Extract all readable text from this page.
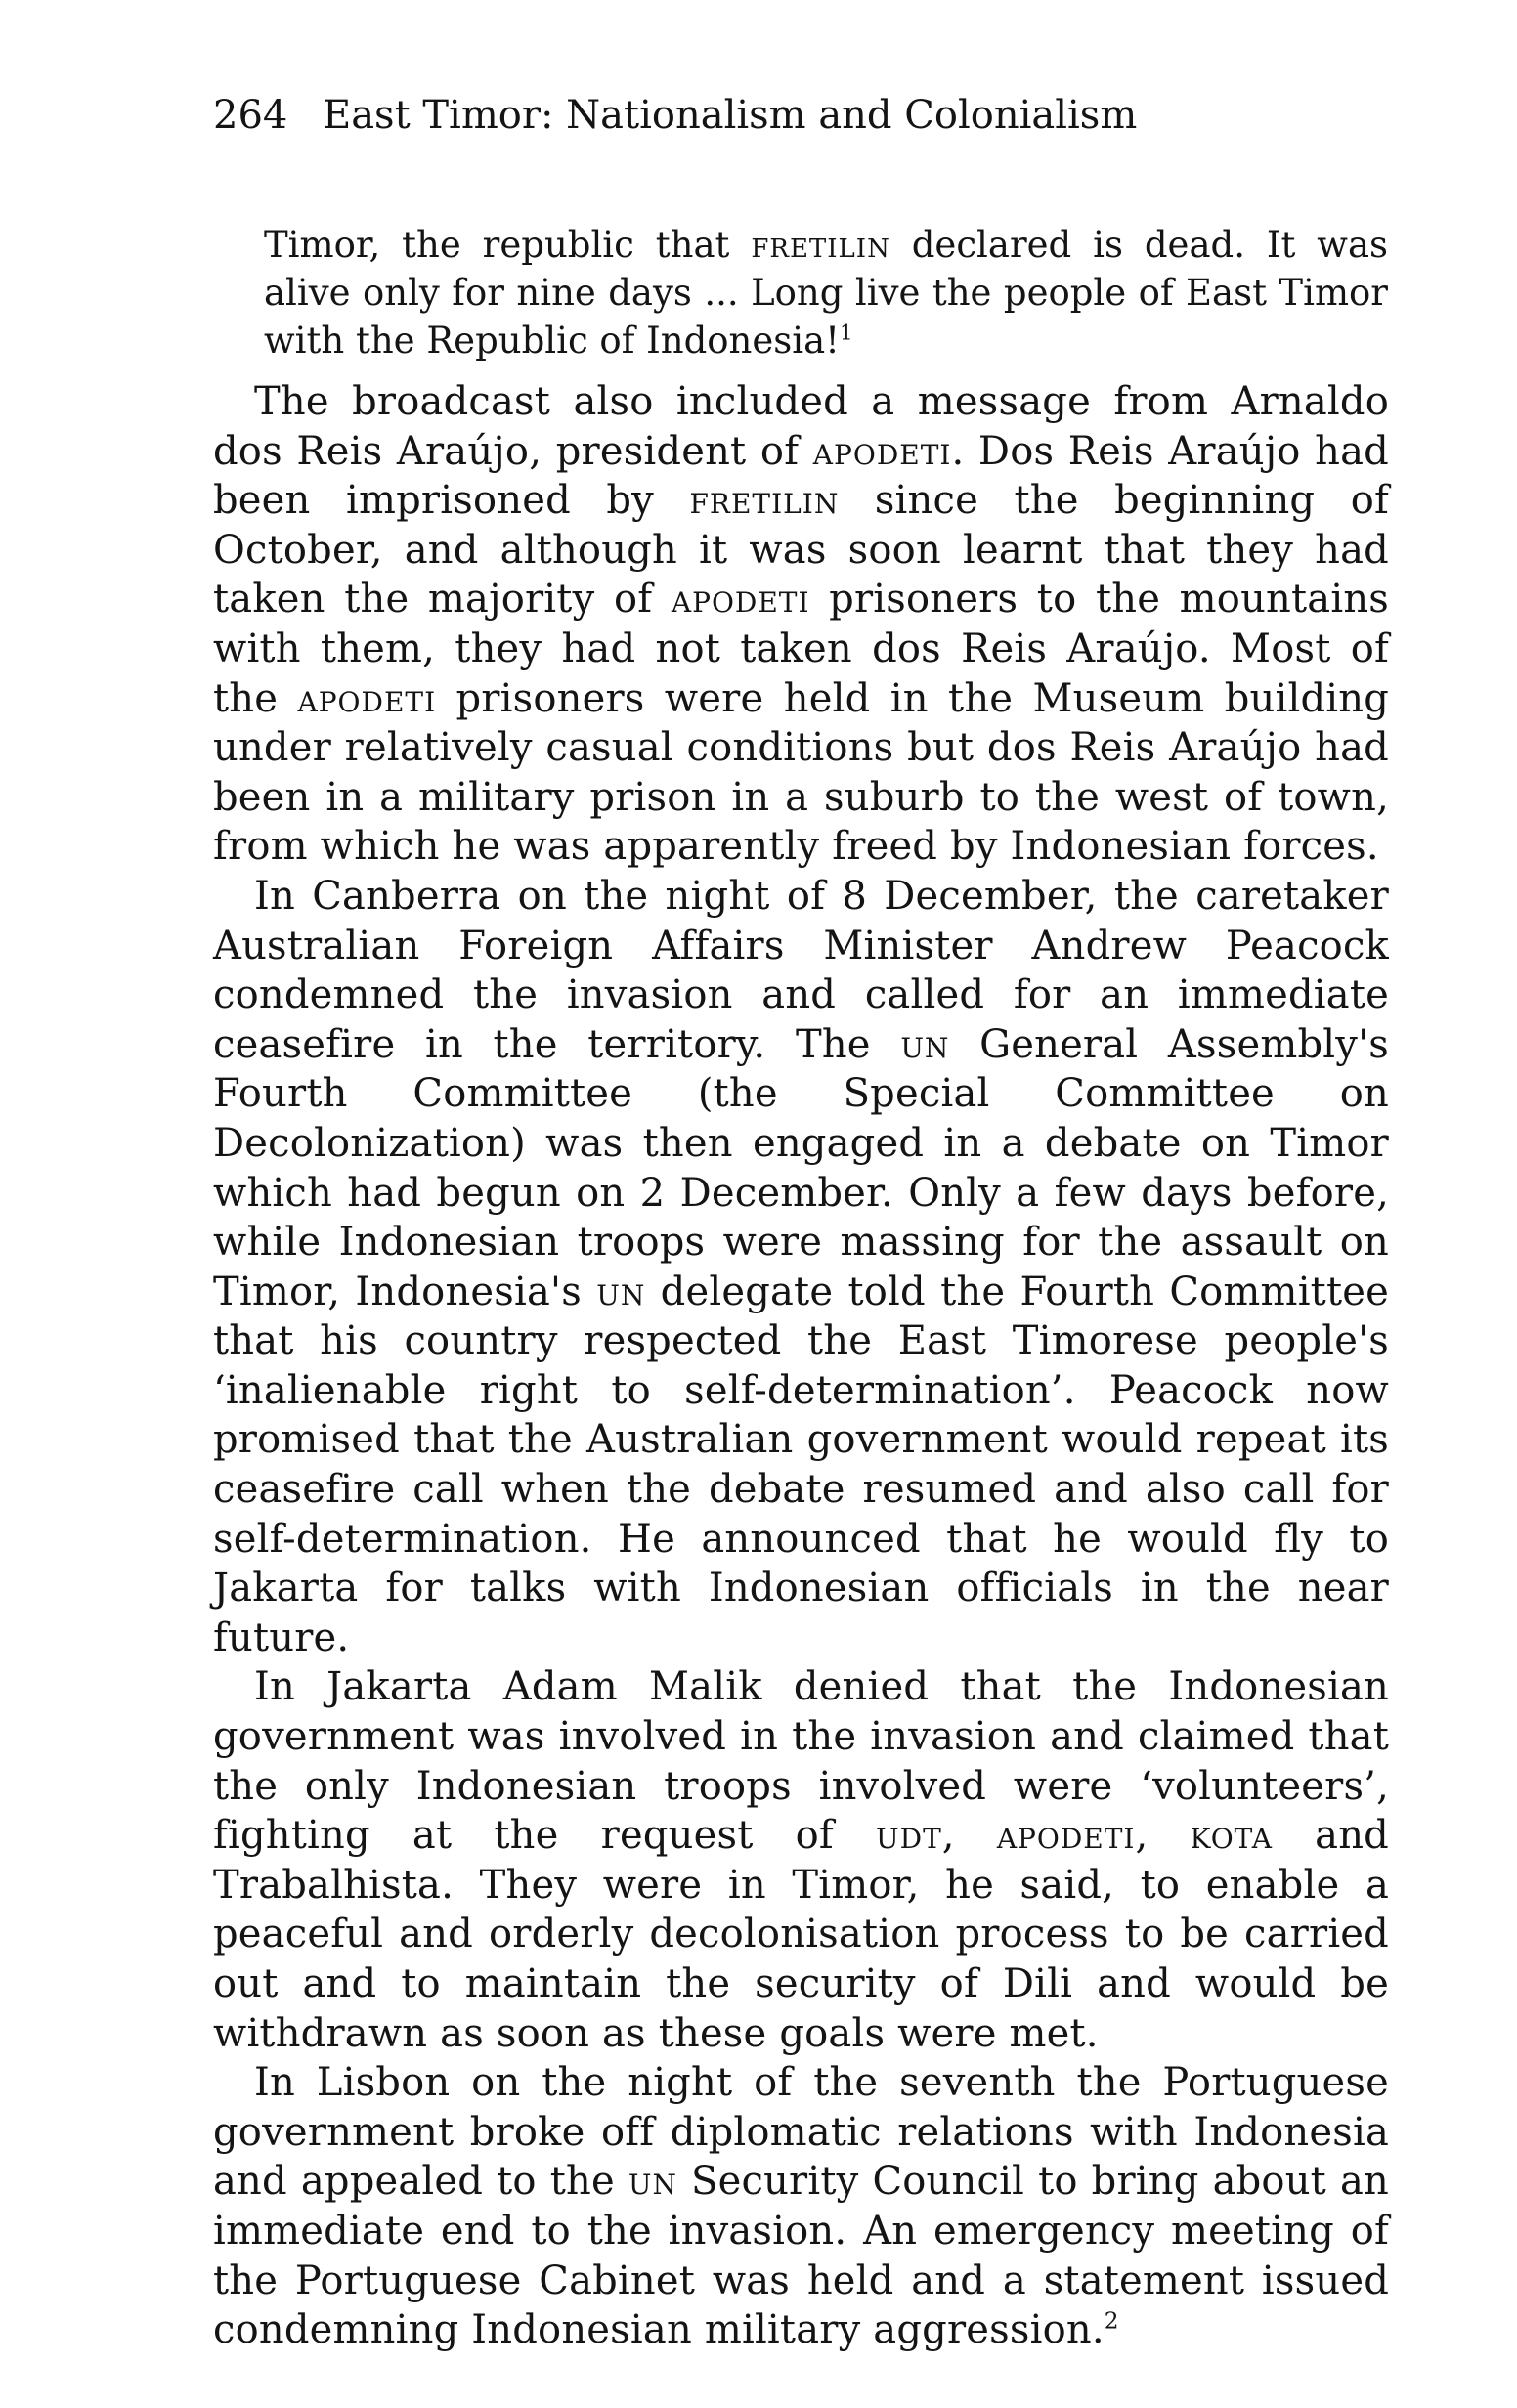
264 East Timor: Nationalism and Colonialism
Timor, the republic that fretilin declared is dead. It was alive only for nine days ... Long live the people of East Timor with the Republic of Indonesia!$^1$

The broadcast also included a message from Arnaldo dos Reis Araújo, president of apodeti. Dos Reis Araújo had been imprisoned by fretilin since the beginning of October, and although it was soon learnt that they had taken the majority of apodeti prisoners to the mountains with them, they had not taken dos Reis Araújo. Most of the apodeti prisoners were held in the Museum building under relatively casual conditions but dos Reis Araújo had been in a military prison in a suburb to the west of town, from which he was apparently freed by Indonesian forces.

In Canberra on the night of 8 December, the caretaker Australian Foreign Affairs Minister Andrew Peacock condemned the invasion and called for an immediate ceasefire in the territory. The un General Assembly's Fourth Committee (the Special Committee on Decolonization) was then engaged in a debate on Timor which had begun on 2 December. Only a few days before, while Indonesian troops were massing for the assault on Timor, Indonesia's un delegate told the Fourth Committee that his country respected the East Timorese people's ‘inalienable right to self-determination’. Peacock now promised that the Australian government would repeat its ceasefire call when the debate resumed and also call for self-determination. He announced that he would fly to Jakarta for talks with Indonesian officials in the near future.

In Jakarta Adam Malik denied that the Indonesian government was involved in the invasion and claimed that the only Indonesian troops involved were ‘volunteers’, fighting at the request of udt, apodeti, kota and Trabalhista. They were in Timor, he said, to enable a peaceful and orderly decolonisation process to be carried out and to maintain the security of Dili and would be withdrawn as soon as these goals were met.

In Lisbon on the night of the seventh the Portuguese government broke off diplomatic relations with Indonesia and appealed to the un Security Council to bring about an immediate end to the invasion. An emergency meeting of the Portuguese Cabinet was held and a statement issued condemning Indonesian military aggression.$^2$
